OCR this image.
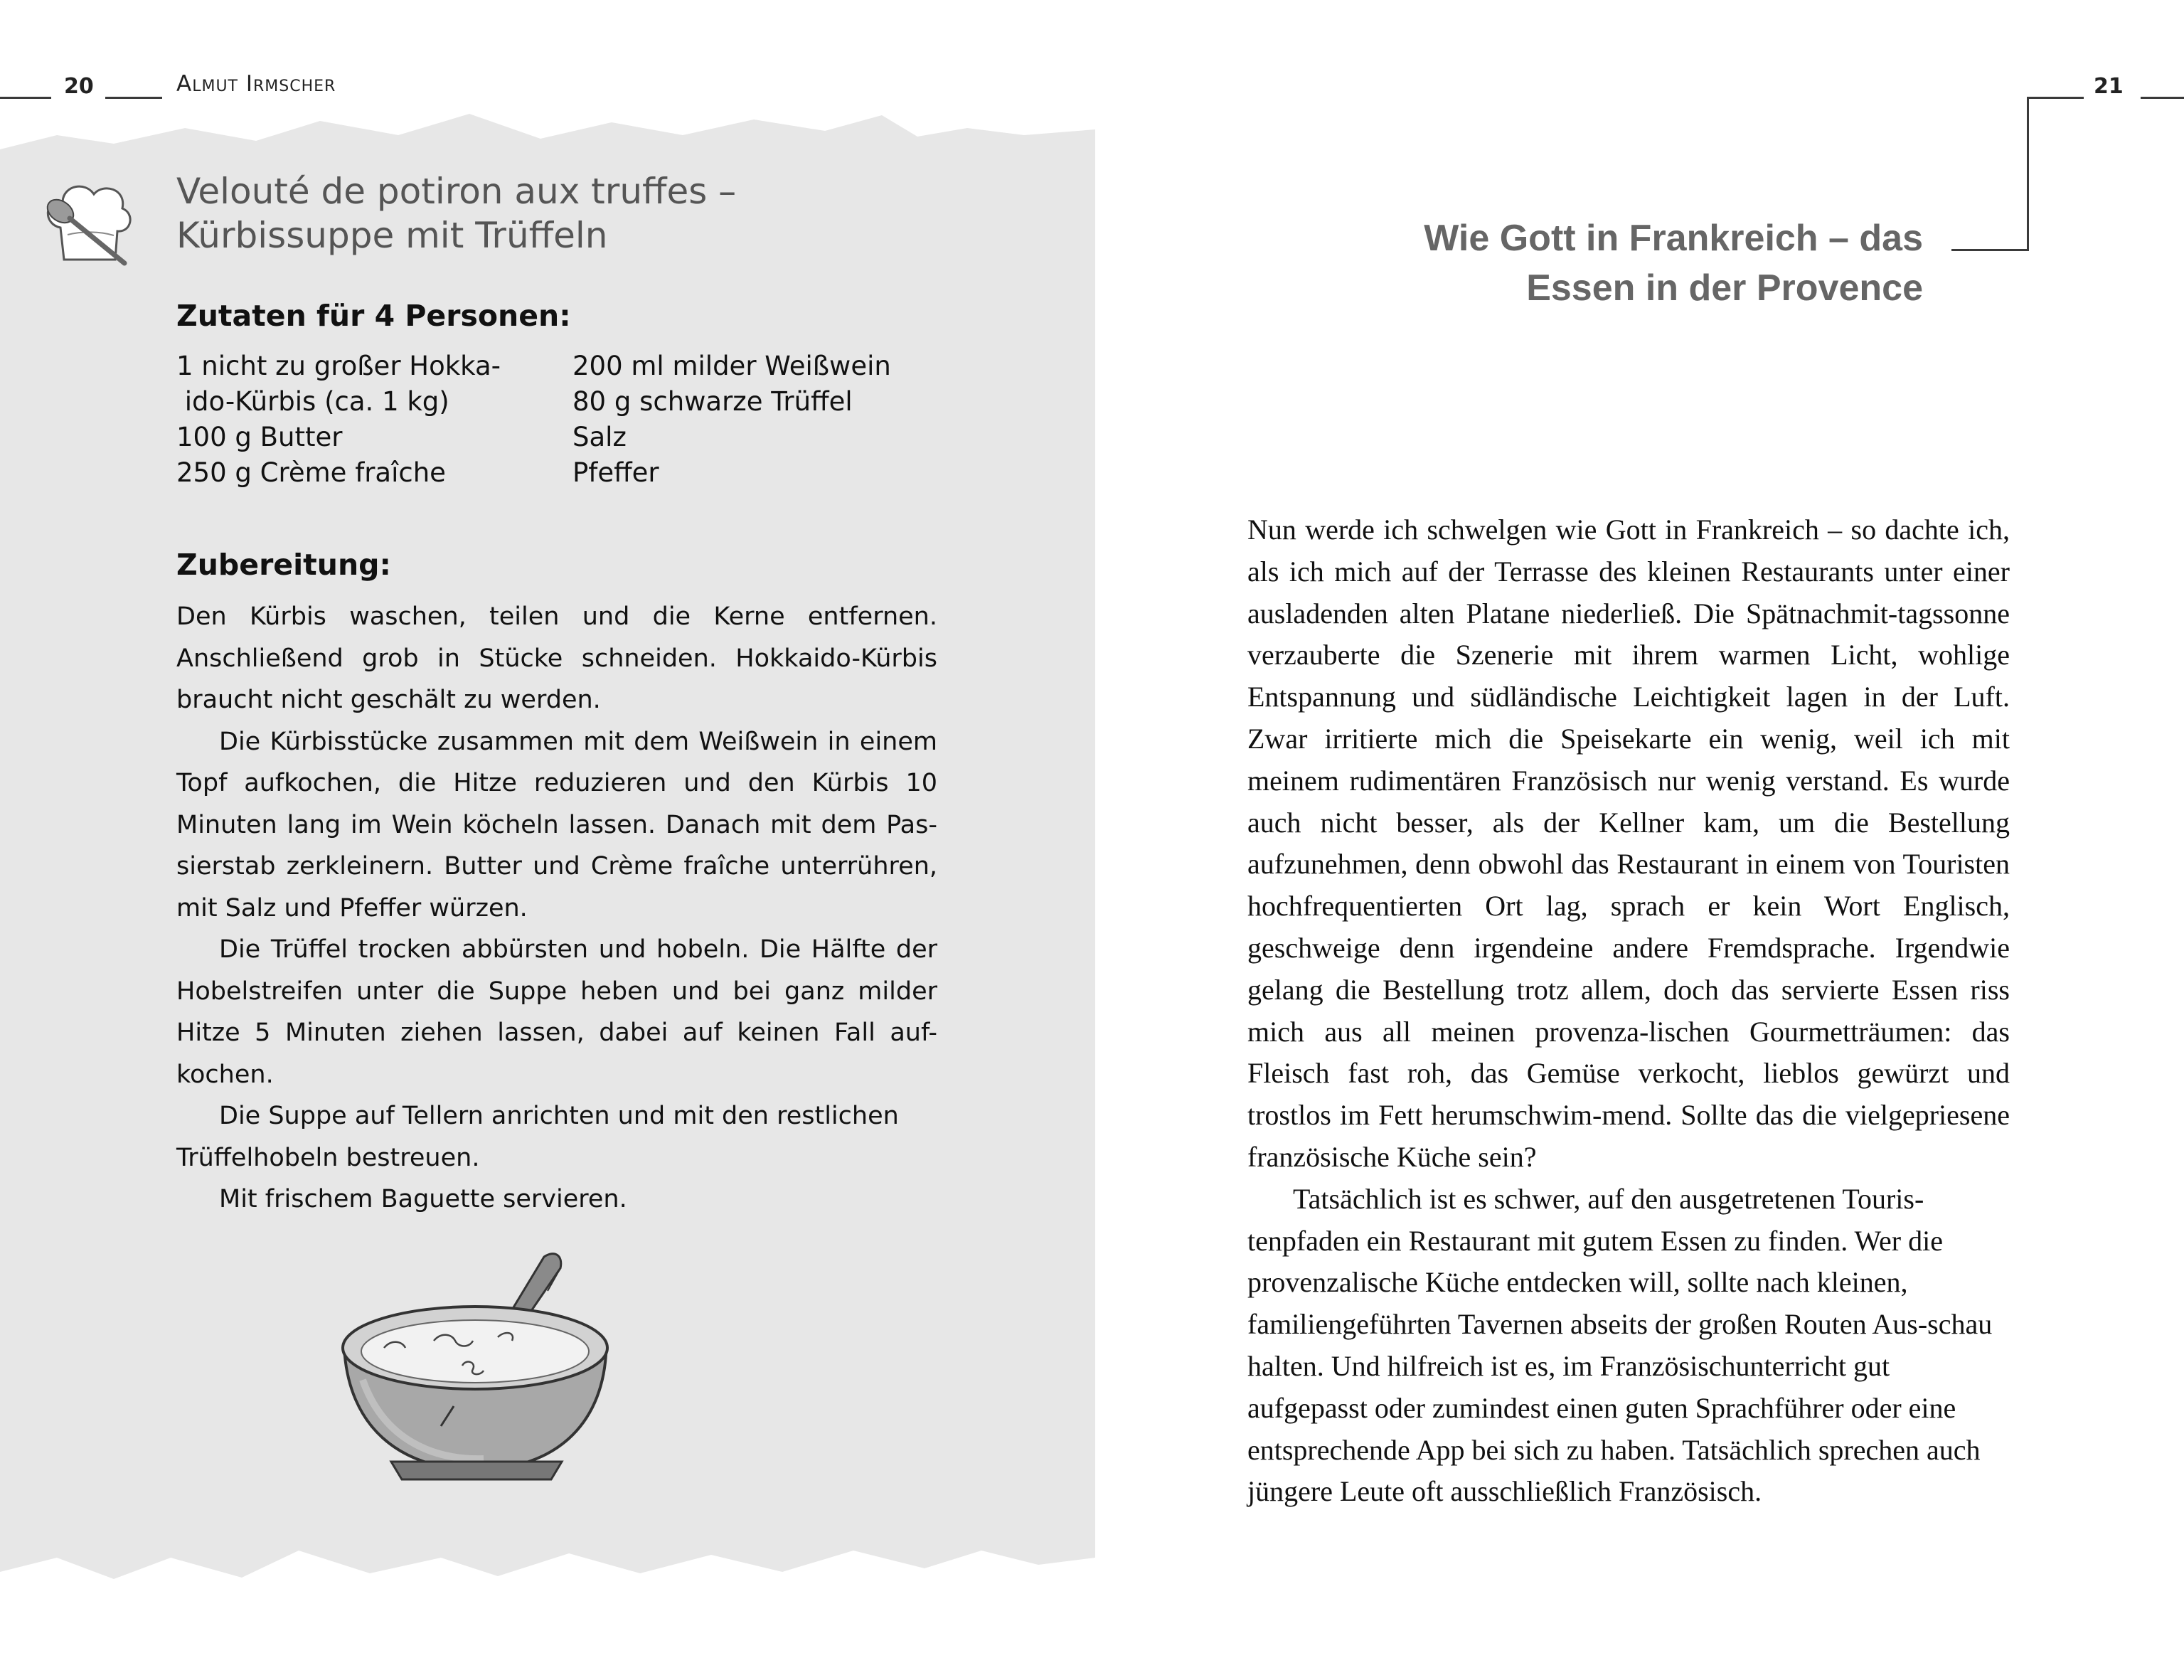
20	Almut Irmscher
Velouté de potiron aux truffes –
Kürbissuppe mit Trüffeln
Zutaten für 4 Personen:
1 nicht zu großer Hokka-
ido-Kürbis (ca. 1 kg)
100 g Butter
250 g Crème fraîche
200 ml milder Weißwein
80 g schwarze Trüffel
Salz
Pfeffer
Zubereitung:

Den Kürbis waschen, teilen und die Kerne entfernen. Anschließend grob in Stücke schneiden. Hokkaido-Kürbis braucht nicht geschält zu werden.

Die Kürbisstücke zusammen mit dem Weißwein in einem Topf aufkochen, die Hitze reduzieren und den Kürbis 10 Minuten lang im Wein köcheln lassen. Danach mit dem Pas-sierstab zerkleinern. Butter und Crème fraîche unterrühren, mit Salz und Pfeffer würzen.

Die Trüffel trocken abbürsten und hobeln. Die Hälfte der Hobelstreifen unter die Suppe heben und bei ganz milder Hitze 5 Minuten ziehen lassen, dabei auf keinen Fall auf-kochen.

Die Suppe auf Tellern anrichten und mit den restlichen Trüffelhobeln bestreuen.

Mit frischem Baguette servieren.

21
Wie Gott in Frankreich – das
Essen in der Provence

Nun werde ich schwelgen wie Gott in Frankreich – so dachte ich, als ich mich auf der Terrasse des kleinen Restaurants unter einer ausladenden alten Platane niederließ. Die Spätnachmit-tagssonne verzauberte die Szenerie mit ihrem warmen Licht, wohlige Entspannung und südländische Leichtigkeit lagen in der Luft. Zwar irritierte mich die Speisekarte ein wenig, weil ich mit meinem rudimentären Französisch nur wenig verstand. Es wurde auch nicht besser, als der Kellner kam, um die Bestellung aufzunehmen, denn obwohl das Restaurant in einem von Touristen hochfrequentierten Ort lag, sprach er kein Wort Englisch, geschweige denn irgendeine andere Fremdsprache. Irgendwie gelang die Bestellung trotz allem, doch das servierte Essen riss mich aus all meinen provenza-lischen Gourmetträumen: das Fleisch fast roh, das Gemüse verkocht, lieblos gewürzt und trostlos im Fett herumschwim-mend. Sollte das die vielgepriesene französische Küche sein?

Tatsächlich ist es schwer, auf den ausgetretenen Touris-tenpfaden ein Restaurant mit gutem Essen zu finden. Wer die provenzalische Küche entdecken will, sollte nach kleinen, familiengeführten Tavernen abseits der großen Routen Aus-schau halten. Und hilfreich ist es, im Französischunterricht gut aufgepasst oder zumindest einen guten Sprachführer oder eine entsprechende App bei sich zu haben. Tatsächlich sprechen auch jüngere Leute oft ausschließlich Französisch.
